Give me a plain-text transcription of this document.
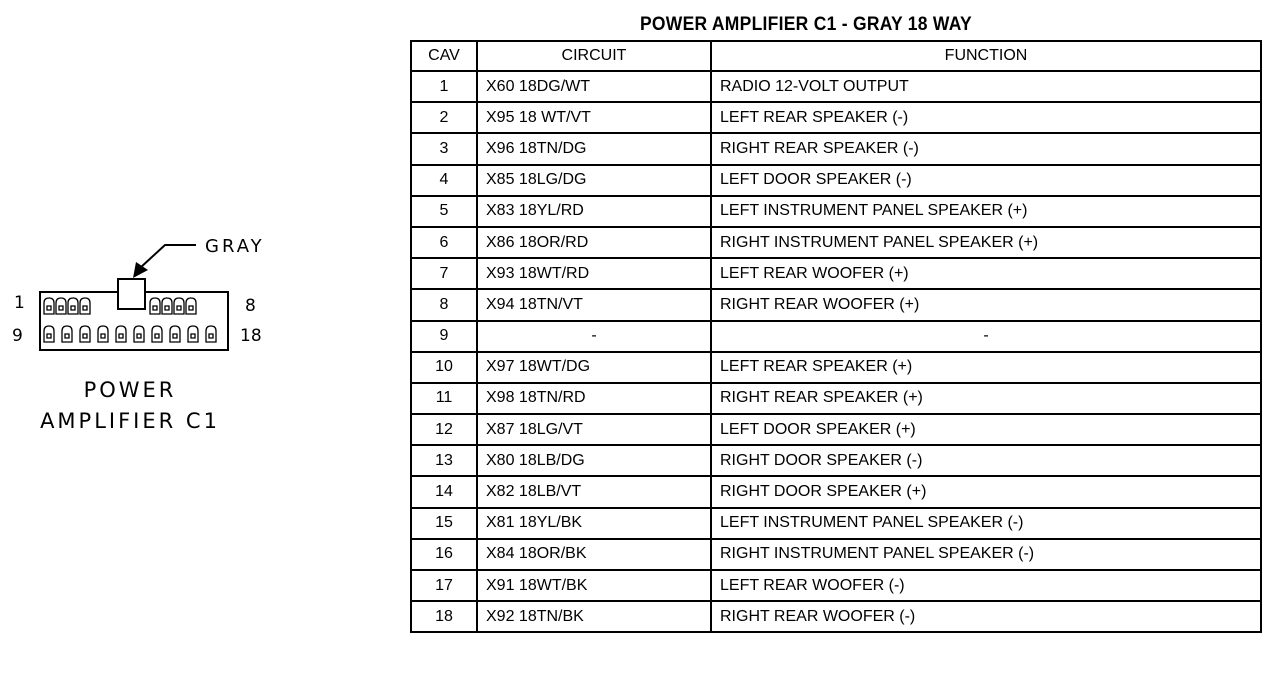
GRAY
1	8
9	18
POWER
AMPLIFIER C1
POWER AMPLIFIER C1 - GRAY 18 WAY
CAV	CIRCUIT	FUNCTION
1	X60 18DG/WT	RADIO 12-VOLT OUTPUT
2	X95 18 WT/VT	LEFT REAR SPEAKER (-)
3	X96 18TN/DG	RIGHT REAR SPEAKER (-)
4	X85 18LG/DG	LEFT DOOR SPEAKER (-)
5	X83 18YL/RD	LEFT INSTRUMENT PANEL SPEAKER (+)
6	X86 18OR/RD	RIGHT INSTRUMENT PANEL SPEAKER (+)
7	X93 18WT/RD	LEFT REAR WOOFER (+)
8	X94 18TN/VT	RIGHT REAR WOOFER (+)
9	-	-
10	X97 18WT/DG	LEFT REAR SPEAKER (+)
11	X98 18TN/RD	RIGHT REAR SPEAKER (+)
12	X87 18LG/VT	LEFT DOOR SPEAKER (+)
13	X80 18LB/DG	RIGHT DOOR SPEAKER (-)
14	X82 18LB/VT	RIGHT DOOR SPEAKER (+)
15	X81 18YL/BK	LEFT INSTRUMENT PANEL SPEAKER (-)
16	X84 18OR/BK	RIGHT INSTRUMENT PANEL SPEAKER (-)
17	X91 18WT/BK	LEFT REAR WOOFER (-)
18	X92 18TN/BK	RIGHT REAR WOOFER (-)
